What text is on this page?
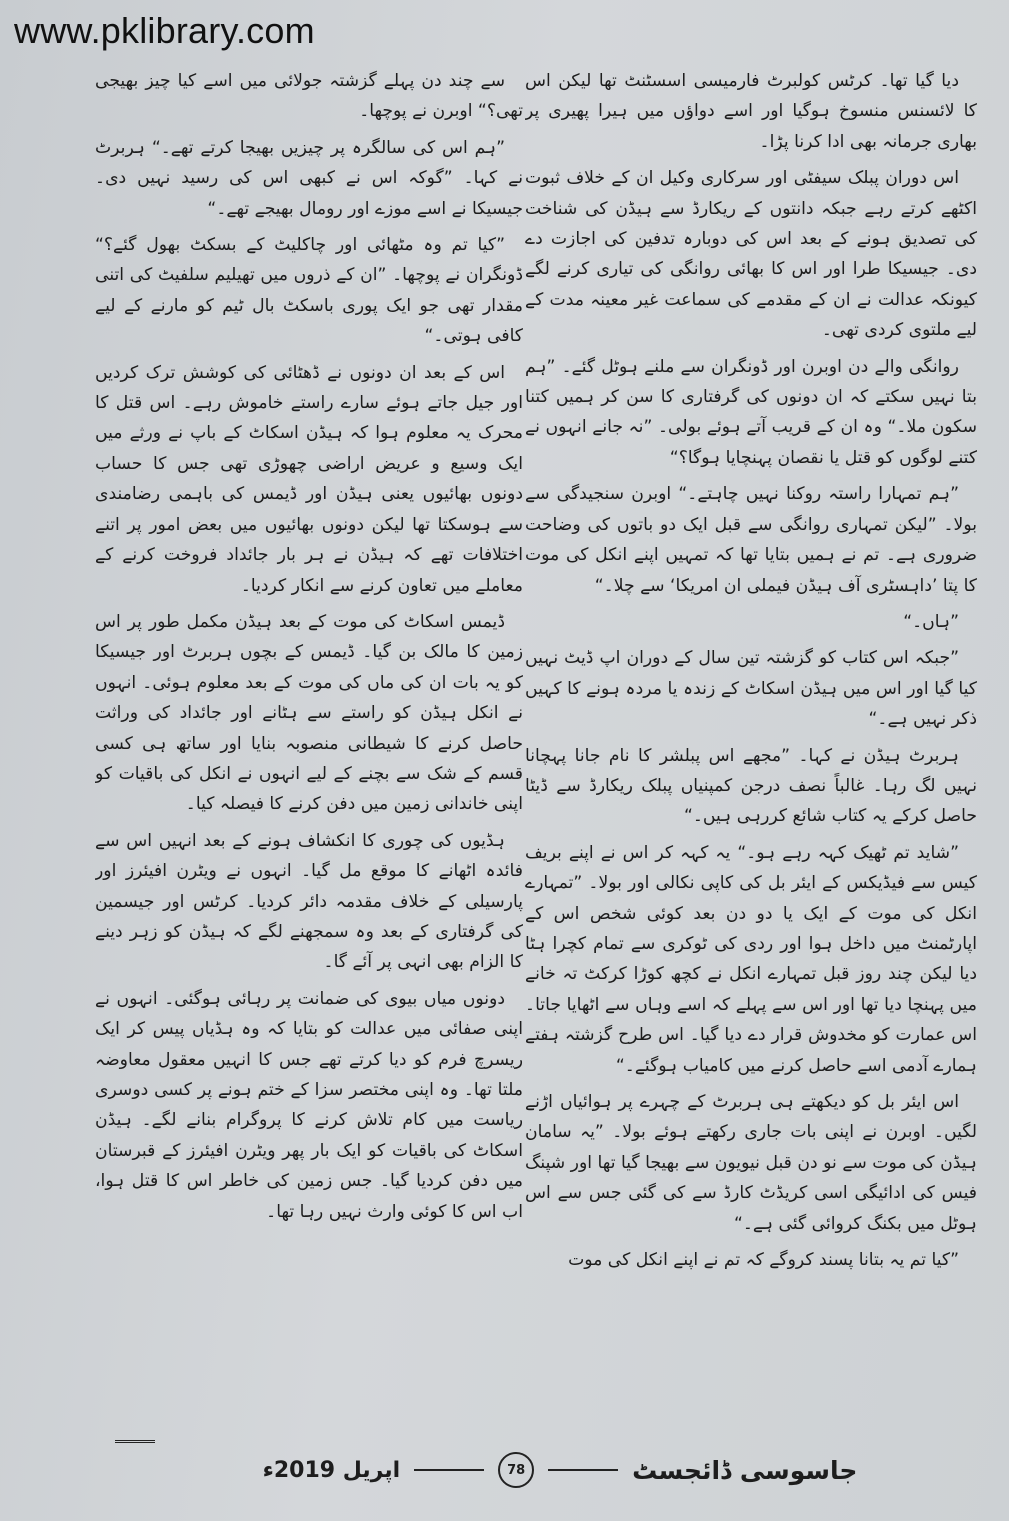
www.pklibrary.com

دیا گیا تھا۔ کرٹس کولبرٹ فارمیسی اسسٹنٹ تھا لیکن اس کا لائسنس منسوخ ہوگیا اور اسے دواؤں میں ہیرا پھیری پر بھاری جرمانہ بھی ادا کرنا پڑا۔

اس دوران پبلک سیفٹی اور سرکاری وکیل ان کے خلاف ثبوت اکٹھے کرتے رہے جبکہ دانتوں کے ریکارڈ سے ہیڈن کی شناخت کی تصدیق ہونے کے بعد اس کی دوبارہ تدفین کی اجازت دے دی۔ جیسیکا طرا اور اس کا بھائی روانگی کی تیاری کرنے لگے کیونکہ عدالت نے ان کے مقدمے کی سماعت غیر معینہ مدت کے لیے ملتوی کردی تھی۔

روانگی والے دن اوبرن اور ڈونگران سے ملنے ہوٹل گئے۔ ”ہم بتا نہیں سکتے کہ ان دونوں کی گرفتاری کا سن کر ہمیں کتنا سکون ملا۔“ وہ ان کے قریب آتے ہوئے بولی۔ ”نہ جانے انہوں نے کتنے لوگوں کو قتل یا نقصان پہنچایا ہوگا؟“

”ہم تمہارا راستہ روکنا نہیں چاہتے۔“ اوبرن سنجیدگی سے بولا۔ ”لیکن تمہاری روانگی سے قبل ایک دو باتوں کی وضاحت ضروری ہے۔ تم نے ہمیں بتایا تھا کہ تمہیں اپنے انکل کی موت کا پتا ’داہسٹری آف ہیڈن فیملی ان امریکا‘ سے چلا۔“

”ہاں۔“

”جبکہ اس کتاب کو گزشتہ تین سال کے دوران اپ ڈیٹ نہیں کیا گیا اور اس میں ہیڈن اسکاٹ کے زندہ یا مردہ ہونے کا کہیں ذکر نہیں ہے۔“

ہربرٹ ہیڈن نے کہا۔ ”مجھے اس پبلشر کا نام جانا پہچانا نہیں لگ رہا۔ غالباً نصف درجن کمپنیاں پبلک ریکارڈ سے ڈیٹا حاصل کرکے یہ کتاب شائع کررہی ہیں۔“

”شاید تم ٹھیک کہہ رہے ہو۔“ یہ کہہ کر اس نے اپنے بریف کیس سے فیڈیکس کے ایئر بل کی کاپی نکالی اور بولا۔ ”تمہارے انکل کی موت کے ایک یا دو دن بعد کوئی شخص اس کے اپارٹمنٹ میں داخل ہوا اور ردی کی ٹوکری سے تمام کچرا ہٹا دیا لیکن چند روز قبل تمہارے انکل نے کچھ کوڑا کرکٹ تہ خانے میں پہنچا دیا تھا اور اس سے پہلے کہ اسے وہاں سے اٹھایا جاتا۔ اس عمارت کو مخدوش قرار دے دیا گیا۔ اس طرح گزشتہ ہفتے ہمارے آدمی اسے حاصل کرنے میں کامیاب ہوگئے۔“

اس ایئر بل کو دیکھتے ہی ہربرٹ کے چہرے پر ہوائیاں اڑنے لگیں۔ اوبرن نے اپنی بات جاری رکھتے ہوئے بولا۔ ”یہ سامان ہیڈن کی موت سے نو دن قبل نیویون سے بھیجا گیا تھا اور شپنگ فیس کی ادائیگی اسی کریڈٹ کارڈ سے کی گئی جس سے اس ہوٹل میں بکنگ کروائی گئی ہے۔“

”کیا تم یہ بتانا پسند کروگے کہ تم نے اپنے انکل کی موت

سے چند دن پہلے گزشتہ جولائی میں اسے کیا چیز بھیجی تھی؟“ اوبرن نے پوچھا۔

”ہم اس کی سالگرہ پر چیزیں بھیجا کرتے تھے۔“ ہربرٹ نے کہا۔ ”گوکہ اس نے کبھی اس کی رسید نہیں دی۔ جیسیکا نے اسے موزے اور رومال بھیجے تھے۔“

”کیا تم وہ مٹھائی اور چاکلیٹ کے بسکٹ بھول گئے؟“ ڈونگران نے پوچھا۔ ”ان کے ذروں میں تھیلیم سلفیٹ کی اتنی مقدار تھی جو ایک پوری باسکٹ بال ٹیم کو مارنے کے لیے کافی ہوتی۔“

اس کے بعد ان دونوں نے ڈھٹائی کی کوشش ترک کردیں اور جیل جاتے ہوئے سارے راستے خاموش رہے۔ اس قتل کا محرک یہ معلوم ہوا کہ ہیڈن اسکاٹ کے باپ نے ورثے میں ایک وسیع و عریض اراضی چھوڑی تھی جس کا حساب دونوں بھائیوں یعنی ہیڈن اور ڈیمس کی باہمی رضامندی سے ہوسکتا تھا لیکن دونوں بھائیوں میں بعض امور پر اتنے اختلافات تھے کہ ہیڈن نے ہر بار جائداد فروخت کرنے کے معاملے میں تعاون کرنے سے انکار کردیا۔

ڈیمس اسکاٹ کی موت کے بعد ہیڈن مکمل طور پر اس زمین کا مالک بن گیا۔ ڈیمس کے بچوں ہربرٹ اور جیسیکا کو یہ بات ان کی ماں کی موت کے بعد معلوم ہوئی۔ انہوں نے انکل ہیڈن کو راستے سے ہٹانے اور جائداد کی وراثت حاصل کرنے کا شیطانی منصوبہ بنایا اور ساتھ ہی کسی قسم کے شک سے بچنے کے لیے انہوں نے انکل کی باقیات کو اپنی خاندانی زمین میں دفن کرنے کا فیصلہ کیا۔

ہڈیوں کی چوری کا انکشاف ہونے کے بعد انہیں اس سے فائدہ اٹھانے کا موقع مل گیا۔ انہوں نے ویٹرن افیئرز اور پارسیلی کے خلاف مقدمہ دائر کردیا۔ کرٹس اور جیسمین کی گرفتاری کے بعد وہ سمجھنے لگے کہ ہیڈن کو زہر دینے کا الزام بھی انہی پر آئے گا۔

دونوں میاں بیوی کی ضمانت پر رہائی ہوگئی۔ انہوں نے اپنی صفائی میں عدالت کو بتایا کہ وہ ہڈیاں پیس کر ایک ریسرچ فرم کو دیا کرتے تھے جس کا انہیں معقول معاوضہ ملتا تھا۔ وہ اپنی مختصر سزا کے ختم ہونے پر کسی دوسری ریاست میں کام تلاش کرنے کا پروگرام بنانے لگے۔ ہیڈن اسکاٹ کی باقیات کو ایک بار پھر ویٹرن افیئرز کے قبرستان میں دفن کردیا گیا۔ جس زمین کی خاطر اس کا قتل ہوا، اب اس کا کوئی وارث نہیں رہا تھا۔

جاسوسی ڈائجسٹ
78
اپریل 2019ء
